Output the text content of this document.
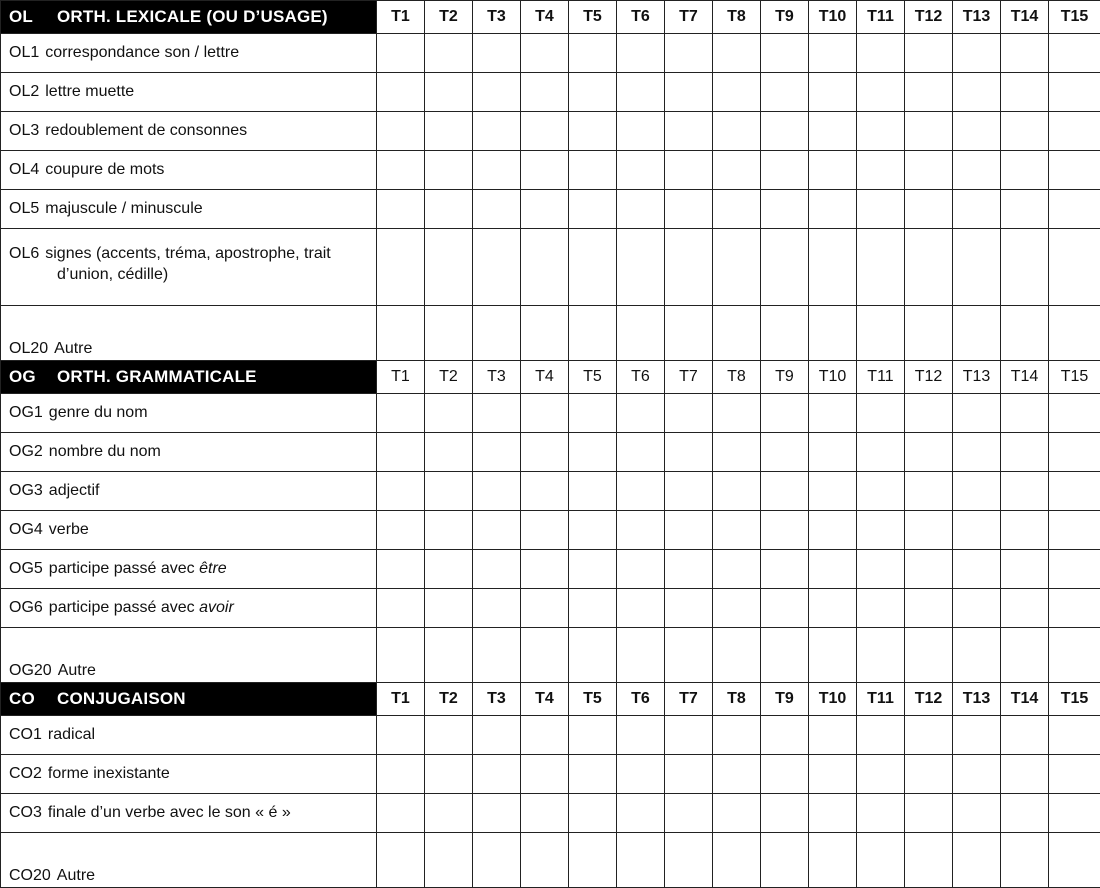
OL ORTH. LEXICALE (OU D’USAGE)	T1	T2	T3	T4	T5	T6	T7	T8	T9	T10	T11	T12	T13	T14	T15
OL1 correspondance son / lettre															
OL2 lettre muette															
OL3 redoublement de consonnes															
OL4 coupure de mots															
OL5 majuscule / minuscule															

OL6 signes (accents, tréma, apostrophe, trait
d’union, cédille)															

OL20 Autre															
OG ORTH. GRAMMATICALE	T1	T2	T3	T4	T5	T6	T7	T8	T9	T10	T11	T12	T13	T14	T15
OG1 genre du nom															
OG2 nombre du nom															
OG3 adjectif															
OG4 verbe															
OG5 participe passé avec être															
OG6 participe passé avec avoir															
OG20 Autre															
CO CONJUGAISON	T1	T2	T3	T4	T5	T6	T7	T8	T9	T10	T11	T12	T13	T14	T15
CO1 radical															
CO2 forme inexistante															
CO3 finale d’un verbe avec le son « é »															
CO20 Autre															
